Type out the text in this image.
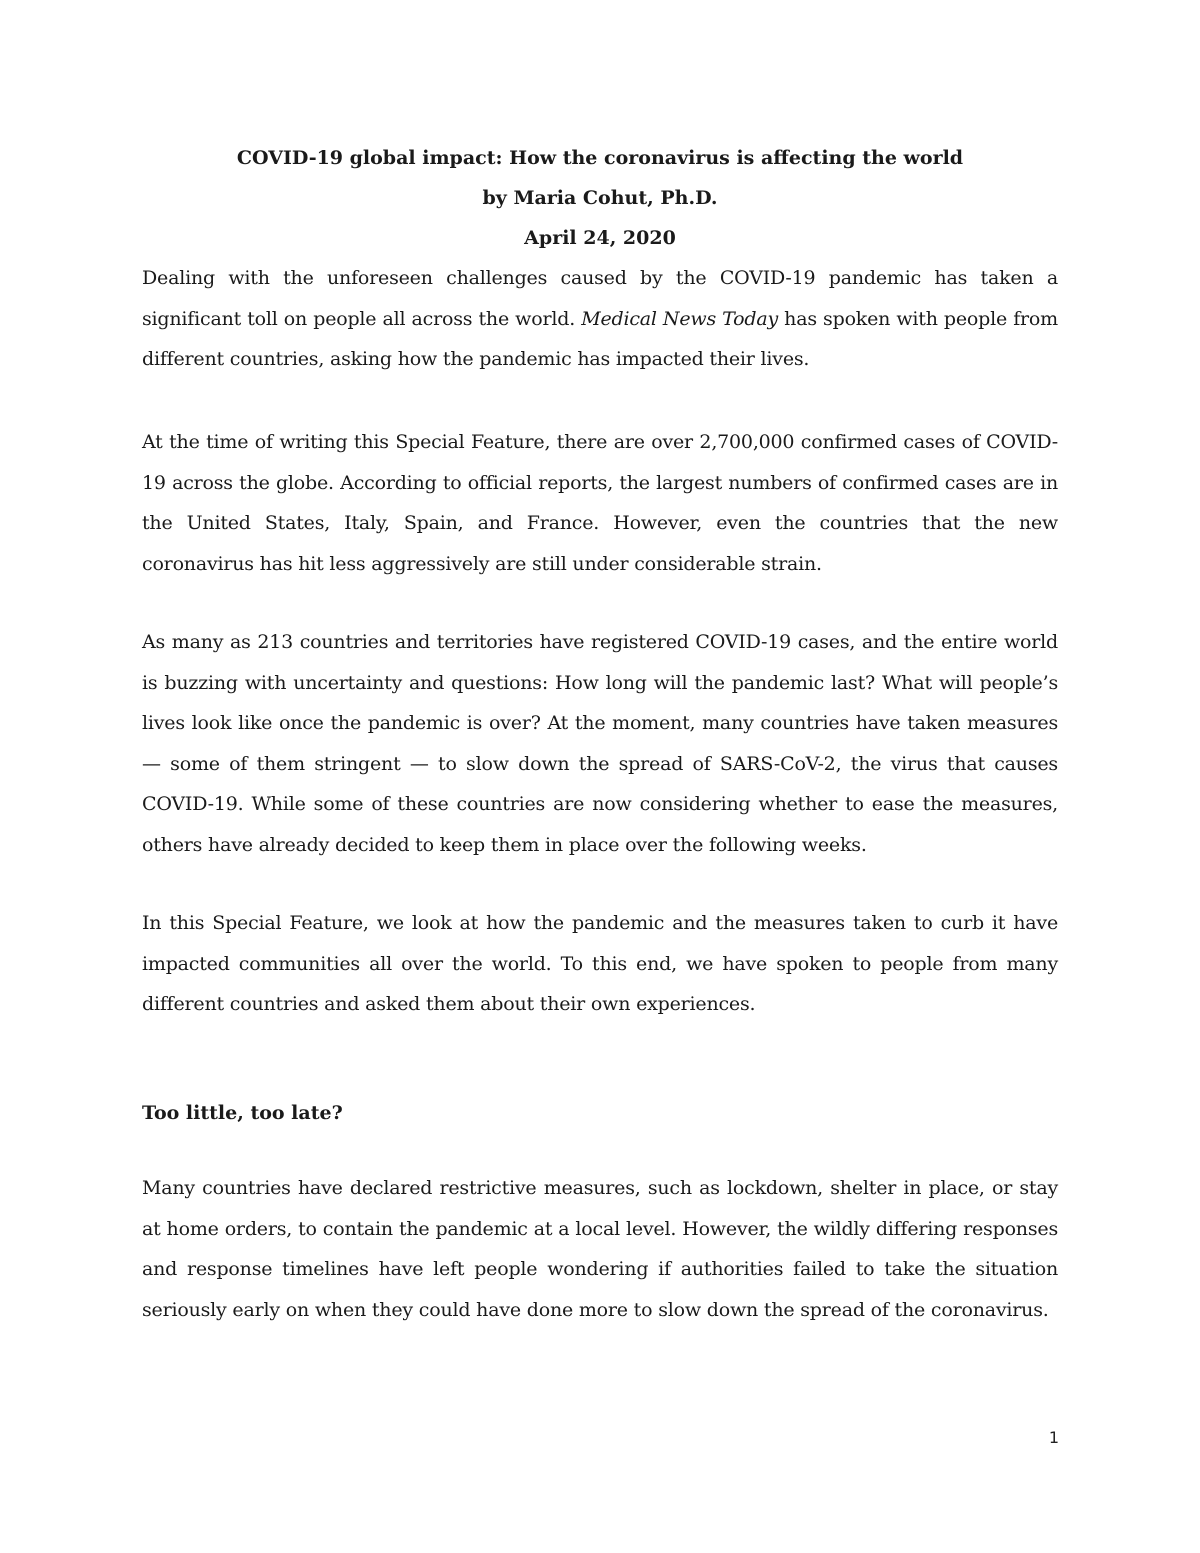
COVID-19 global impact: How the coronavirus is affecting the world
by Maria Cohut, Ph.D.
April 24, 2020

Dealing with the unforeseen challenges caused by the COVID-19 pandemic has taken a significant toll on people all across the world. Medical News Today has spoken with people from different countries, asking how the pandemic has impacted their lives.

At the time of writing this Special Feature, there are over 2,700,000 confirmed cases of COVID-19 across the globe. According to official reports, the largest numbers of confirmed cases are in the United States, Italy, Spain, and France. However, even the countries that the new coronavirus has hit less aggressively are still under considerable strain.

As many as 213 countries and territories have registered COVID-19 cases, and the entire world is buzzing with uncertainty and questions: How long will the pandemic last? What will people’s lives look like once the pandemic is over? At the moment, many countries have taken measures — some of them stringent — to slow down the spread of SARS-CoV-2, the virus that causes COVID-19. While some of these countries are now considering whether to ease the measures, others have already decided to keep them in place over the following weeks.

In this Special Feature, we look at how the pandemic and the measures taken to curb it have impacted communities all over the world. To this end, we have spoken to people from many different countries and asked them about their own experiences.

Too little, too late?

Many countries have declared restrictive measures, such as lockdown, shelter in place, or stay at home orders, to contain the pandemic at a local level. However, the wildly differing responses and response timelines have left people wondering if authorities failed to take the situation seriously early on when they could have done more to slow down the spread of the coronavirus.

1
